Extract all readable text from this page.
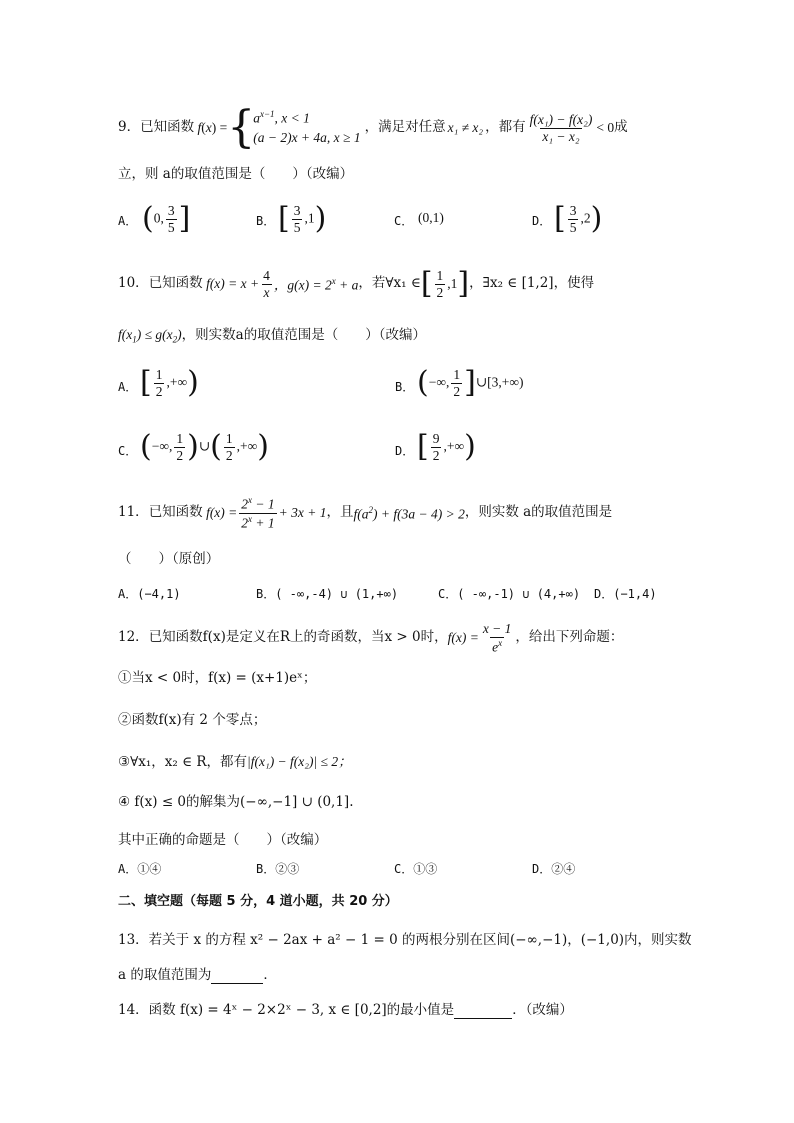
9． 已知函数 f ( x ) = {
$a^{x-1}$, x < 1
(a − 2)x + 4a, x ≥ 1
，满足对任意 x₁ ≠ x₂ ，都有 $\frac{\text{f(x₁) − f(x₂)}}{\text{x₁ − x₂}} < 0$ 成
立，则 a的取值范围是（　　）（改编）
A． (0, $\frac{3}{5}$ ]	B． [ $\frac{3}{5} ,1$)	C． (0,1)	D． [ $\frac{3}{5} ,2$)
10． 已知函数 $f(x) = x + \frac{4}{x}$ ，$g(x) = 2^x + a$ ，若∀x₁ ∈ [ $\frac{1}{2} ,1$ ] ，∃x₂ ∈ [1,2]，使得
$f(x_1) \le g(x_2)$，则实数a的取值范围是（　　）（改编）
A． [ $\frac{1}{2}$ ,+∞)	B． (−∞, $\frac{1}{2}$ ]∪[3,+∞)
C． (−∞, $\frac{1}{2}$ )∪( $\frac{1}{2}$ ,+∞)	D． [ $\frac{9}{2}$ ,+∞)
11． 已知函数 $f(x) = \frac{2^x - 1}{2^x + 1} + 3x + 1$ ，且 $f(a^2) + f(3a - 4) > 2$ ，则实数 a的取值范围是
（　　）（原创）
A．(−4,1)	B．( -∞,-4) ∪ (1,+∞)	C．( -∞,-1) ∪ (4,+∞) D．(−1,4)
12． 已知函数f(x)是定义在R上的奇函数，当x > 0时， $f(x) = \frac{x - 1}{e^x}$ ，给出下列命题：
①当x < 0时，f(x) = (x+1)eˣ；
②函数f(x)有 2 个零点；
③∀x₁，x₂ ∈ R，都有|f(x₁) − f(x₂)| ≤ 2；
④ f(x) ≤ 0的解集为(−∞,−1] ∪ (0,1].
其中正确的命题是（　　）（改编）
A．①④	B．②③	C．①③	D．②④
二、填空题（每题 5 分，4 道小题，共 20 分）
13．若关于 x 的方程 x² − 2ax + a² − 1 = 0 的两根分别在区间(−∞,−1)，(−1,0)内，则实数
a 的取值范围为	．
14．函数 f(x) = 4ˣ − 2×2ˣ − 3, x ∈ [0,2]的最小值是	．（改编）
